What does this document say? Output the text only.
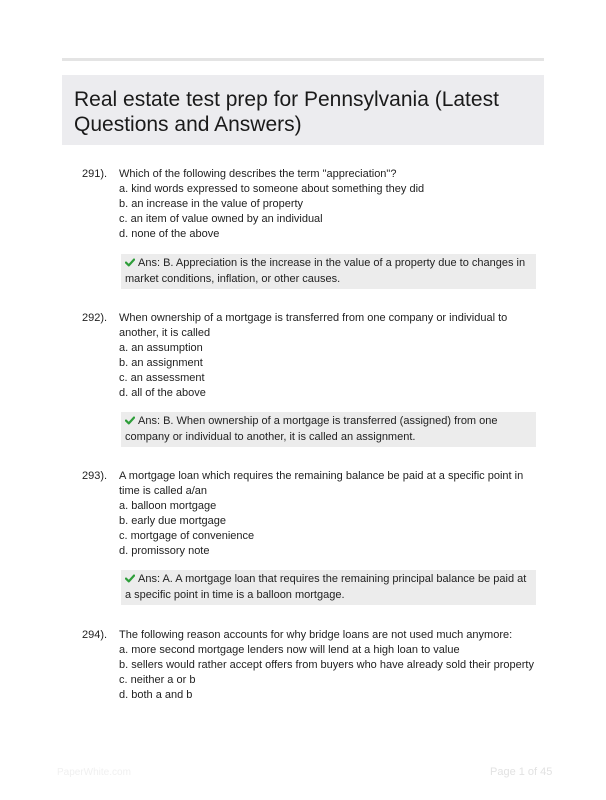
Real estate test prep for Pennsylvania (Latest Questions and Answers)
291).	Which of the following describes the term "appreciation"?
a. kind words expressed to someone about something they did
b. an increase in the value of property
c. an item of value owned by an individual
d. none of the above
Ans: B. Appreciation is the increase in the value of a property due to changes in market conditions, inflation, or other causes.
292).	When ownership of a mortgage is transferred from one company or individual to another, it is called
a. an assumption
b. an assignment
c. an assessment
d. all of the above
Ans: B. When ownership of a mortgage is transferred (assigned) from one company or individual to another, it is called an assignment.
293).	A mortgage loan which requires the remaining balance be paid at a specific point in time is called a/an
a. balloon mortgage
b. early due mortgage
c. mortgage of convenience
d. promissory note
Ans: A. A mortgage loan that requires the remaining principal balance be paid at a specific point in time is a balloon mortgage.
294).	The following reason accounts for why bridge loans are not used much anymore:
a. more second mortgage lenders now will lend at a high loan to value
b. sellers would rather accept offers from buyers who have already sold their property
c. neither a or b
d. both a and b
PaperWhite.com	Page 1 of 45
